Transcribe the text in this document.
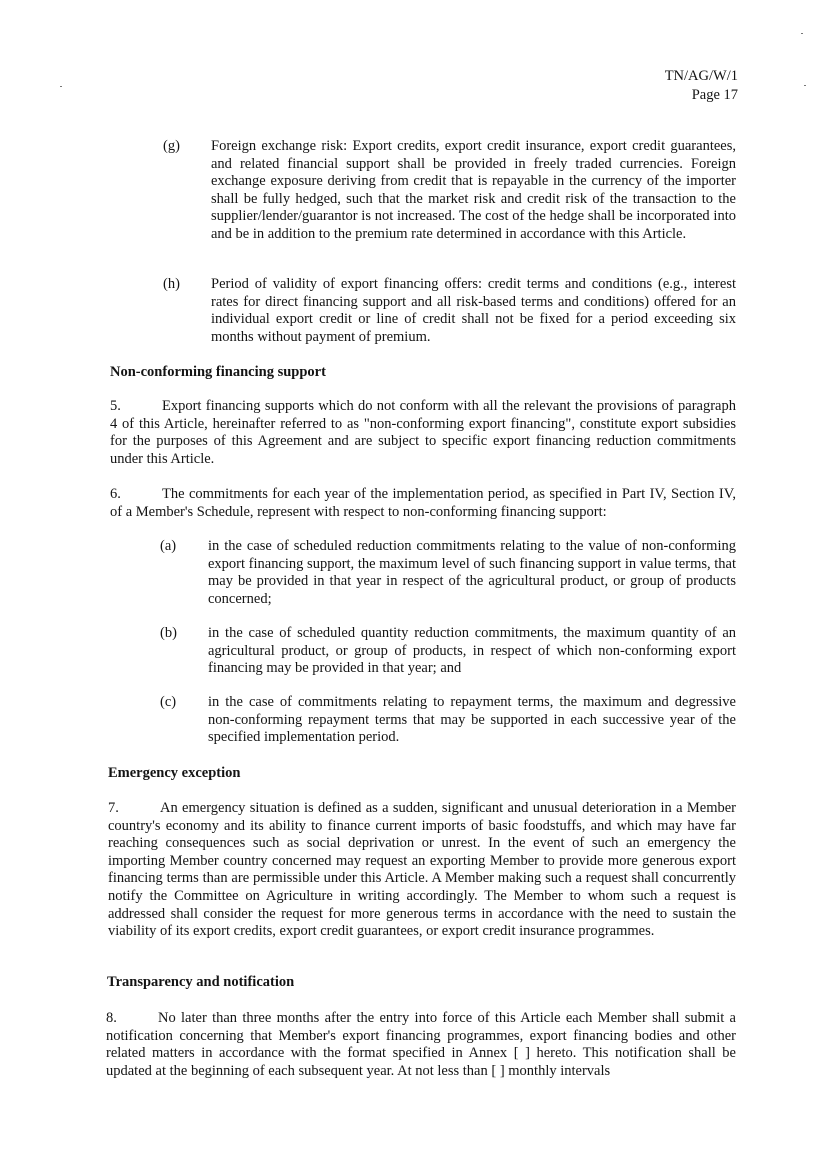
TN/AG/W/1
Page 17
(g) Foreign exchange risk: Export credits, export credit insurance, export credit guarantees, and related financial support shall be provided in freely traded currencies. Foreign exchange exposure deriving from credit that is repayable in the currency of the importer shall be fully hedged, such that the market risk and credit risk of the transaction to the supplier/lender/guarantor is not increased. The cost of the hedge shall be incorporated into and be in addition to the premium rate determined in accordance with this Article.
(h) Period of validity of export financing offers: credit terms and conditions (e.g., interest rates for direct financing support and all risk-based terms and conditions) offered for an individual export credit or line of credit shall not be fixed for a period exceeding six months without payment of premium.
Non-conforming financing support
5.	Export financing supports which do not conform with all the relevant the provisions of paragraph 4 of this Article, hereinafter referred to as "non-conforming export financing", constitute export subsidies for the purposes of this Agreement and are subject to specific export financing reduction commitments under this Article.
6.	The commitments for each year of the implementation period, as specified in Part IV, Section IV, of a Member's Schedule, represent with respect to non-conforming financing support:
(a) in the case of scheduled reduction commitments relating to the value of non-conforming export financing support, the maximum level of such financing support in value terms, that may be provided in that year in respect of the agricultural product, or group of products concerned;
(b) in the case of scheduled quantity reduction commitments, the maximum quantity of an agricultural product, or group of products, in respect of which non-conforming export financing may be provided in that year; and
(c) in the case of commitments relating to repayment terms, the maximum and degressive non-conforming repayment terms that may be supported in each successive year of the specified implementation period.
Emergency exception
7.	An emergency situation is defined as a sudden, significant and unusual deterioration in a Member country's economy and its ability to finance current imports of basic foodstuffs, and which may have far reaching consequences such as social deprivation or unrest. In the event of such an emergency the importing Member country concerned may request an exporting Member to provide more generous export financing terms than are permissible under this Article. A Member making such a request shall concurrently notify the Committee on Agriculture in writing accordingly. The Member to whom such a request is addressed shall consider the request for more generous terms in accordance with the need to sustain the viability of its export credits, export credit guarantees, or export credit insurance programmes.
Transparency and notification
8.	No later than three months after the entry into force of this Article each Member shall submit a notification concerning that Member's export financing programmes, export financing bodies and other related matters in accordance with the format specified in Annex [ ] hereto. This notification shall be updated at the beginning of each subsequent year. At not less than [ ] monthly intervals
